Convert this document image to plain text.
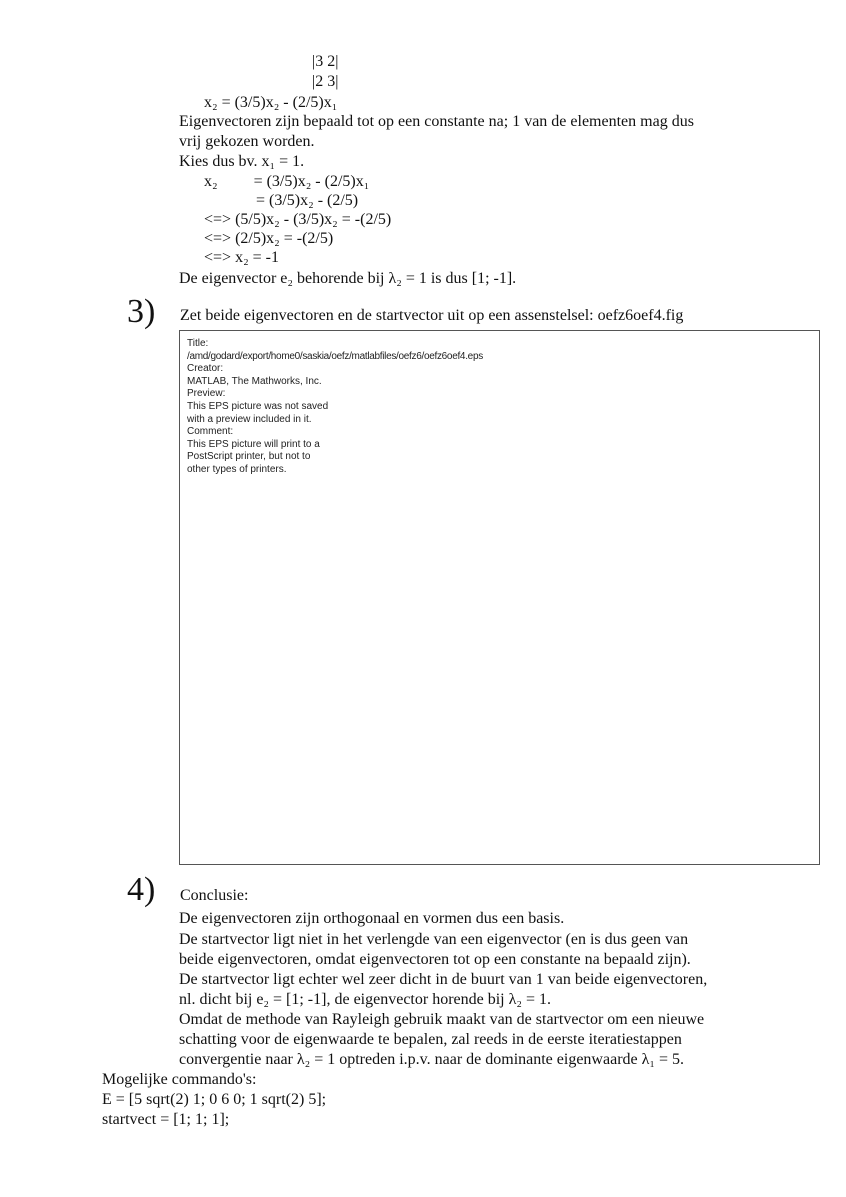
|3 2|
|2 3|
x₂ = (3/5)x₂ - (2/5)x₁
Eigenvectoren zijn bepaald tot op een constante na; 1 van de elementen mag dus
vrij gekozen worden.
Kies dus bv. x₁ = 1.
x₂         = (3/5)x₂ - (2/5)x₁
= (3/5)x₂ - (2/5)
<=> (5/5)x₂ - (3/5)x₂ = -(2/5)
<=> (2/5)x₂ = -(2/5)
<=> x₂ = -1
De eigenvector e₂ behorende bij λ₂ = 1 is dus [1; -1].
3) Zet beide eigenvectoren en de startvector uit op een assenstelsel: oefz6oef4.fig
Title:
/amd/godard/export/home0/saskia/oefz/matlabfiles/oefz6/oefz6oef4.eps
Creator:
MATLAB, The Mathworks, Inc.
Preview:
This EPS picture was not saved
with a preview included in it.
Comment:
This EPS picture will print to a
PostScript printer, but not to
other types of printers.
4) Conclusie:
De eigenvectoren zijn orthogonaal en vormen dus een basis.
De startvector ligt niet in het verlengde van een eigenvector (en is dus geen van
beide eigenvectoren, omdat eigenvectoren tot op een constante na bepaald zijn).
De startvector ligt echter wel zeer dicht in de buurt van 1 van beide eigenvectoren,
nl. dicht bij e₂ = [1; -1], de eigenvector horende bij λ₂ = 1.
Omdat de methode van Rayleigh gebruik maakt van de startvector om een nieuwe
schatting voor de eigenwaarde te bepalen, zal reeds in de eerste iteratiestappen
convergentie naar λ₂ = 1 optreden i.p.v. naar de dominante eigenwaarde λ₁ = 5.
Mogelijke commando's:
E = [5 sqrt(2) 1; 0 6 0; 1 sqrt(2) 5];
startvect = [1; 1; 1];
